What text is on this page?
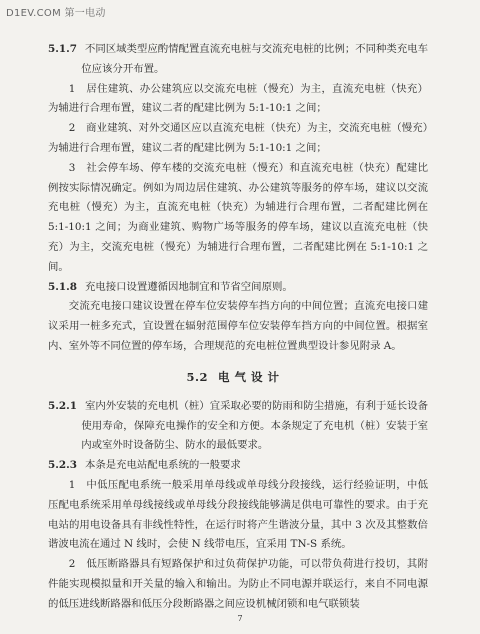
D1EV.COM 第一电动

5.1.7 不同区域类型应酌情配置直流充电桩与交流充电桩的比例；不同种类充电车位应该分开布置。

1　居住建筑、办公建筑应以交流充电桩（慢充）为主，直流充电桩（快充）为辅进行合理布置，建议二者的配建比例为 5:1-10:1 之间；

2　商业建筑、对外交通区应以直流充电桩（快充）为主，交流充电桩（慢充）为辅进行合理布置，建议二者的配建比例为 5:1-10:1 之间；

3　社会停车场、停车楼的交流充电桩（慢充）和直流充电桩（快充）配建比例按实际情况确定。例如为周边居住建筑、办公建筑等服务的停车场，建议以交流充电桩（慢充）为主，直流充电桩（快充）为辅进行合理布置，二者配建比例在 5:1-10:1 之间；为商业建筑、购物广场等服务的停车场，建议以直流充电桩（快充）为主，交流充电桩（慢充）为辅进行合理布置，二者配建比例在 5:1-10:1 之间。

5.1.8 充电接口设置遵循因地制宜和节省空间原则。

交流充电接口建议设置在停车位安装停车挡方向的中间位置；直流充电接口建议采用一桩多充式，宜设置在辐射范围停车位安装停车挡方向的中间位置。根据室内、室外等不同位置的停车场，合理规范的充电桩位置典型设计参见附录 A。

5.2 电 气 设 计

5.2.1 室内外安装的充电机（桩）宜采取必要的防雨和防尘措施，有利于延长设备使用寿命，保障充电操作的安全和方便。本条规定了充电机（桩）安装于室内或室外时设备防尘、防水的最低要求。

5.2.3 本条是充电站配电系统的一般要求

1　中低压配电系统一般采用单母线或单母线分段接线，运行经验证明，中低压配电系统采用单母线接线或单母线分段接线能够满足供电可靠性的要求。由于充电站的用电设备具有非线性特性，在运行时将产生谐波分量，其中 3 次及其整数倍谐波电流在通过 N 线时，会使 N 线带电压，宜采用 TN-S 系统。

2　低压断路器具有短路保护和过负荷保护功能，可以带负荷进行投切，其附件能实现模拟量和开关量的输入和输出。为防止不同电源并联运行，来自不同电源的低压进线断路器和低压分段断路器之间应设机械闭锁和电气联锁装

7
